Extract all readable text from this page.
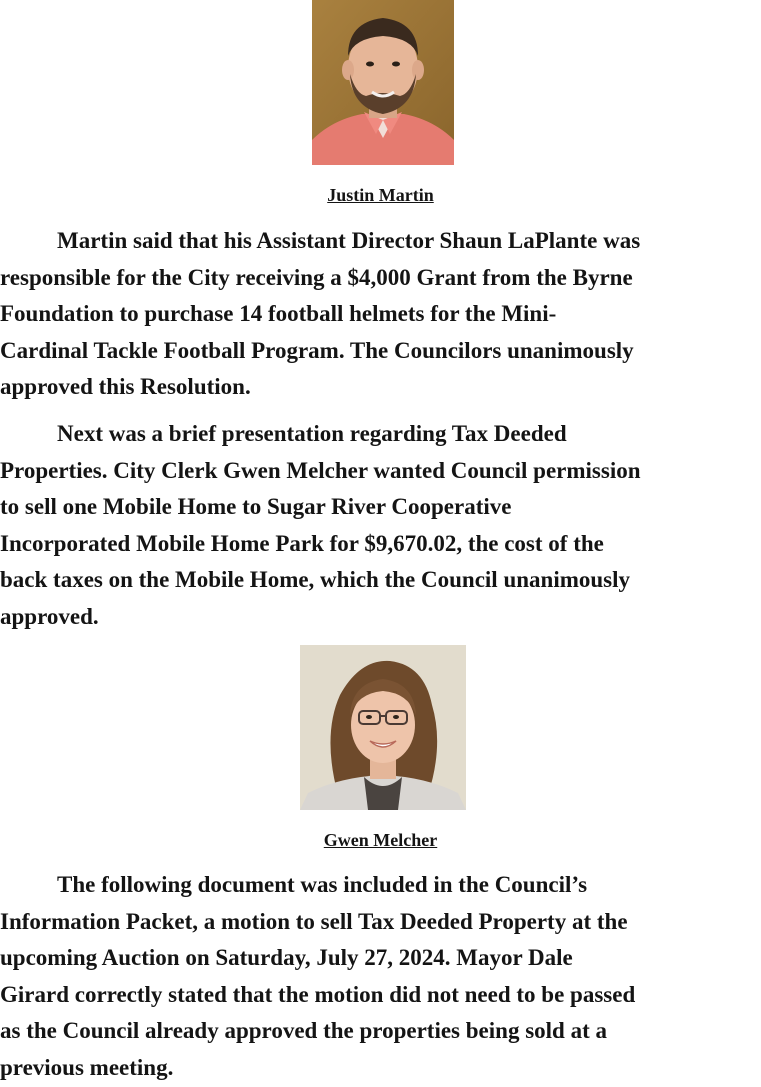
Justin Martin

Martin said that his Assistant Director Shaun LaPlante was
responsible for the City receiving a $4,000 Grant from the Byrne
Foundation to purchase 14 football helmets for the Mini-
Cardinal Tackle Football Program. The Councilors unanimously
approved this Resolution.

Next was a brief presentation regarding Tax Deeded
Properties. City Clerk Gwen Melcher wanted Council permission
to sell one Mobile Home to Sugar River Cooperative
Incorporated Mobile Home Park for $9,670.02, the cost of the
back taxes on the Mobile Home, which the Council unanimously
approved.

Gwen Melcher

The following document was included in the Council’s
Information Packet, a motion to sell Tax Deeded Property at the
upcoming Auction on Saturday, July 27, 2024. Mayor Dale
Girard correctly stated that the motion did not need to be passed
as the Council already approved the properties being sold at a
previous meeting.
